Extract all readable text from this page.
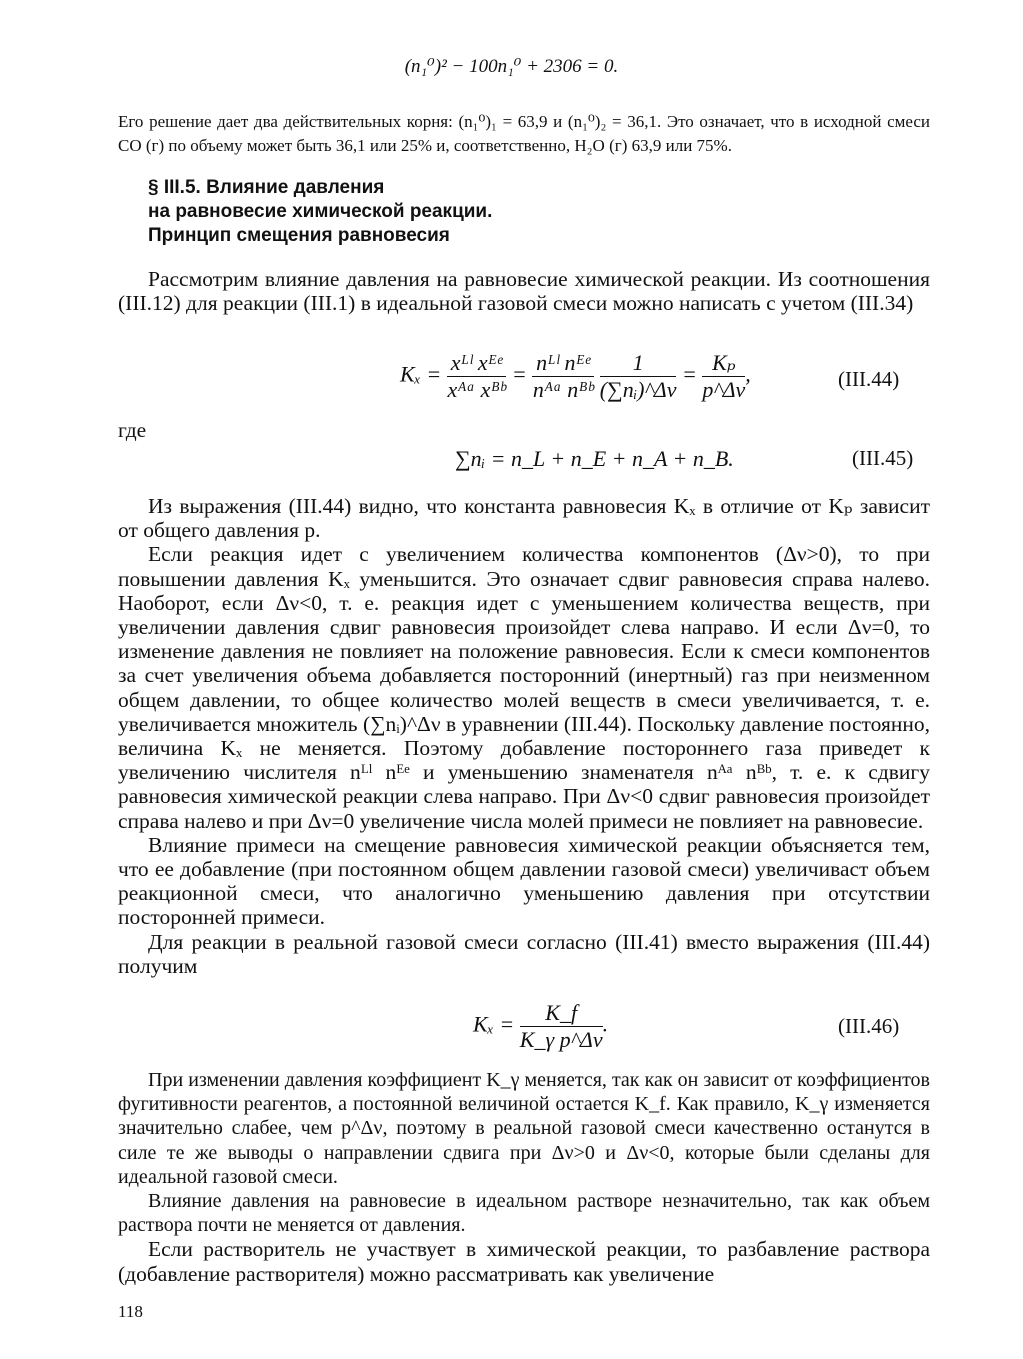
(n₁⁰)² − 100n₁⁰ + 2306 = 0.
Его решение дает два действительных корня: (n₁⁰)₁ = 63,9 и (n₁⁰)₂ = 36,1. Это означает, что в исходной смеси CO (г) по объему может быть 36,1 или 25% и, соответственно, H₂O (г) 63,9 или 75%.
§ III.5. Влияние давления
на равновесие химической реакции.
Принцип смещения равновесия

Рассмотрим влияние давления на равновесие химической реакции. Из соотношения (III.12) для реакции (III.1) в идеальной газовой смеси можно написать с учетом (III.34)

$K_x = \frac{\text{xᴸˡ xᴱᵉ}}{\text{xᴬᵃ xᴮᵇ}} = \frac{\text{nᴸˡ nᴱᵉ}}{\text{nᴬᵃ nᴮᵇ}}$
$\frac{1}{\text{(∑nᵢ)\textasciicircum{}Δν}} = \frac{\text{Kₚ}}{p\^{}\Delta\nu}$ ,	(III.44)
где
∑nᵢ = n_L + n_E + n_A + n_B.	(III.45)

Из выражения (III.44) видно, что константа равновесия Kₓ в отличие от Kₚ зависит от общего давления p.

Если реакция идет с увеличением количества компонентов (Δν>0), то при повышении давления Kₓ уменьшится. Это означает сдвиг равновесия справа налево. Наоборот, если Δν<0, т. е. реакция идет с уменьшением количества веществ, при увеличении давления сдвиг равновесия произойдет слева направо. И если Δν=0, то изменение давления не повлияет на положение равновесия. Если к смеси компонентов за счет увеличения объема добавляется посторонний (инертный) газ при неизменном общем давлении, то общее количество молей веществ в смеси увеличивается, т. е. увеличивается множитель (∑nᵢ)^Δν в уравнении (III.44). Поскольку давление постоянно, величина Kₓ не меняется. Поэтому добавление постороннего газа приведет к увеличению числителя nᴸˡ nᴱᵉ и уменьшению знаменателя nᴬᵃ nᴮᵇ, т. е. к сдвигу равновесия химической реакции слева направо. При Δν<0 сдвиг равновесия произойдет справа налево и при Δν=0 увеличение числа молей примеси не повлияет на равновесие.

Влияние примеси на смещение равновесия химической реакции объясняется тем, что ее добавление (при постоянном общем давлении газовой смеси) увеличиваст объем реакционной смеси, что аналогично уменьшению давления при отсутствии посторонней примеси.

Для реакции в реальной газовой смеси согласно (III.41) вместо выражения (III.44) получим

$K_x = \frac{K\_f}{\text{K\_γ p\textasciicircum{}Δν}}$ .	(III.46)

При изменении давления коэффициент K_γ меняется, так как он зависит от коэффициентов фугитивности реагентов, а постоянной величиной остается K_f. Как правило, K_γ изменяется значительно слабее, чем p^Δν, поэтому в реальной газовой смеси качественно останутся в силе те же выводы о направлении сдвига при Δν>0 и Δν<0, которые были сделаны для идеальной газовой смеси.

Влияние давления на равновесие в идеальном растворе незначительно, так как объем раствора почти не меняется от давления.

Если растворитель не участвует в химической реакции, то разбавление раствора (добавление растворителя) можно рассматривать как увеличение

118
